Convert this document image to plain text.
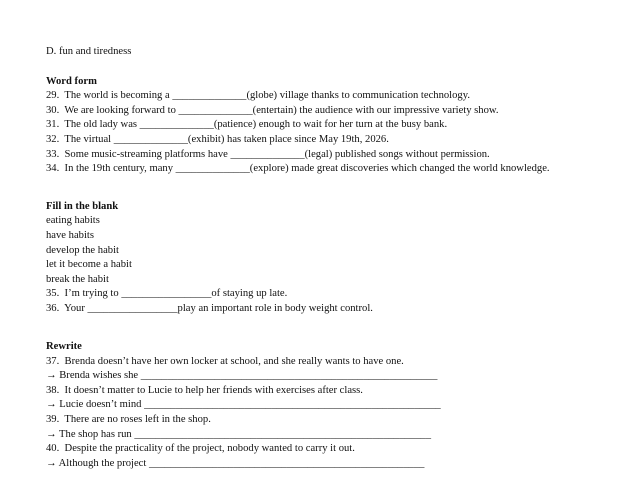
D. fun and tiredness
Word form
29.  The world is becoming a ______________(globe) village thanks to communication technology.
30.  We are looking forward to ______________(entertain) the audience with our impressive variety show.
31.  The old lady was ______________(patience) enough to wait for her turn at the busy bank.
32.  The virtual ______________(exhibit) has taken place since May 19th, 2026.
33.  Some music-streaming platforms have ______________(legal) published songs without permission.
34.  In the 19th century, many ______________(explore) made great discoveries which changed the world knowledge.
Fill in the blank
eating habits
have habits
develop the habit
let it become a habit
break the habit
35.  I’m trying to _________________of staying up late.
36.  Your _________________play an important role in body weight control.
Rewrite
37.  Brenda doesn’t have her own locker at school, and she really wants to have one.
→ Brenda wishes she ________________________________________________________
38.  It doesn’t matter to Lucie to help her friends with exercises after class.
→ Lucie doesn’t mind ________________________________________________________
39.  There are no roses left in the shop.
→ The shop has run ________________________________________________________
40.  Despite the practicality of the project, nobody wanted to carry it out.
→ Although the project ____________________________________________________
